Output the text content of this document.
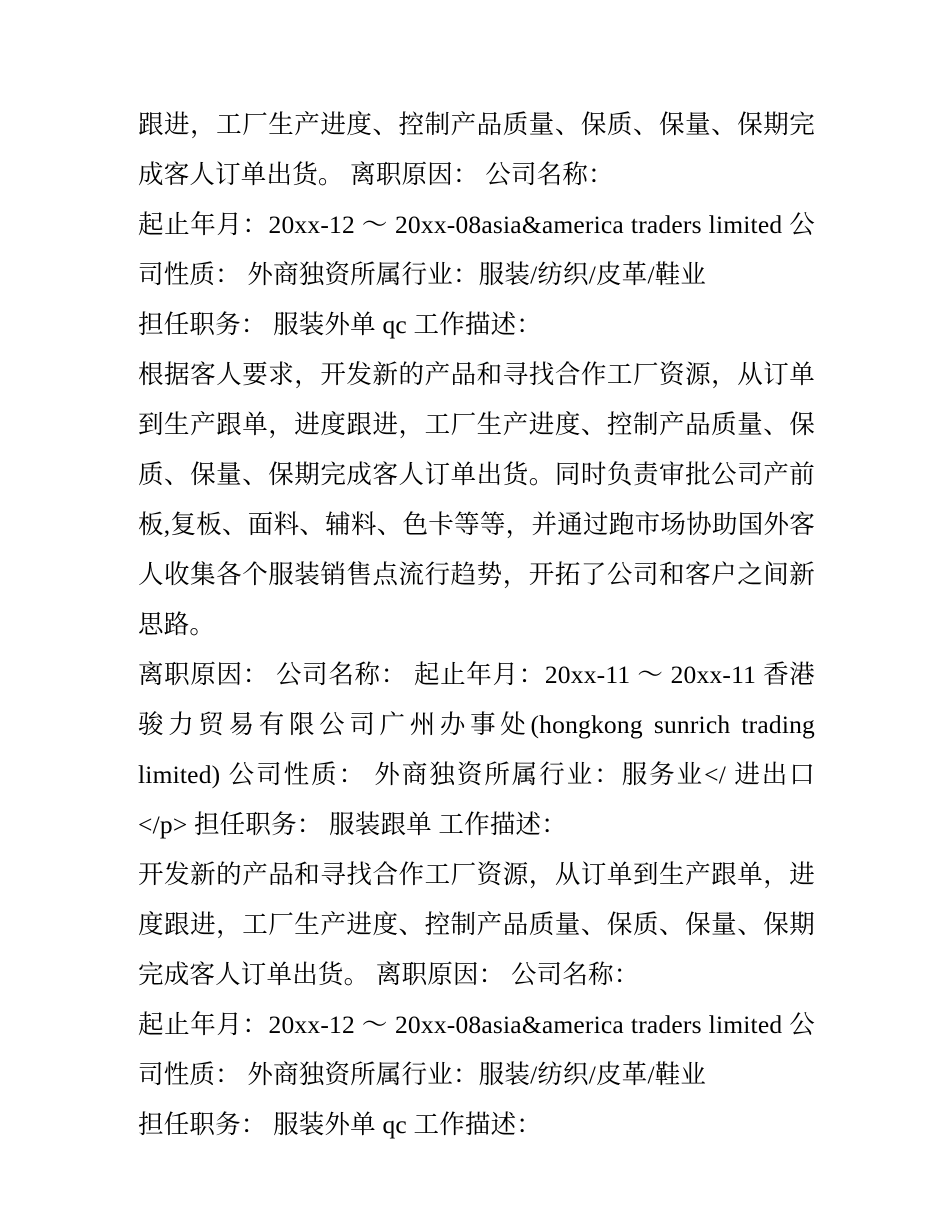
跟进，工厂生产进度、控制产品质量、保质、保量、保期完成客人订单出货。 离职原因： 公司名称：

起止年月：20xx-12 ～ 20xx-08asia&america traders limited 公司性质： 外商独资所属行业：服装/纺织/皮革/鞋业

担任职务： 服装外单 qc 工作描述：

根据客人要求，开发新的产品和寻找合作工厂资源，从订单到生产跟单，进度跟进，工厂生产进度、控制产品质量、保质、保量、保期完成客人订单出货。同时负责审批公司产前板,复板、面料、辅料、色卡等等，并通过跑市场协助国外客人收集各个服装销售点流行趋势，开拓了公司和客户之间新思路。

离职原因： 公司名称： 起止年月：20xx-11 ～ 20xx-11 香港骏力贸易有限公司广州办事处(hongkong sunrich trading limited) 公司性质： 外商独资所属行业：服务业</ 进出口</p> 担任职务： 服装跟单 工作描述：

开发新的产品和寻找合作工厂资源，从订单到生产跟单，进度跟进，工厂生产进度、控制产品质量、保质、保量、保期完成客人订单出货。 离职原因： 公司名称：

起止年月：20xx-12 ～ 20xx-08asia&america traders limited 公司性质： 外商独资所属行业：服装/纺织/皮革/鞋业

担任职务： 服装外单 qc 工作描述：
